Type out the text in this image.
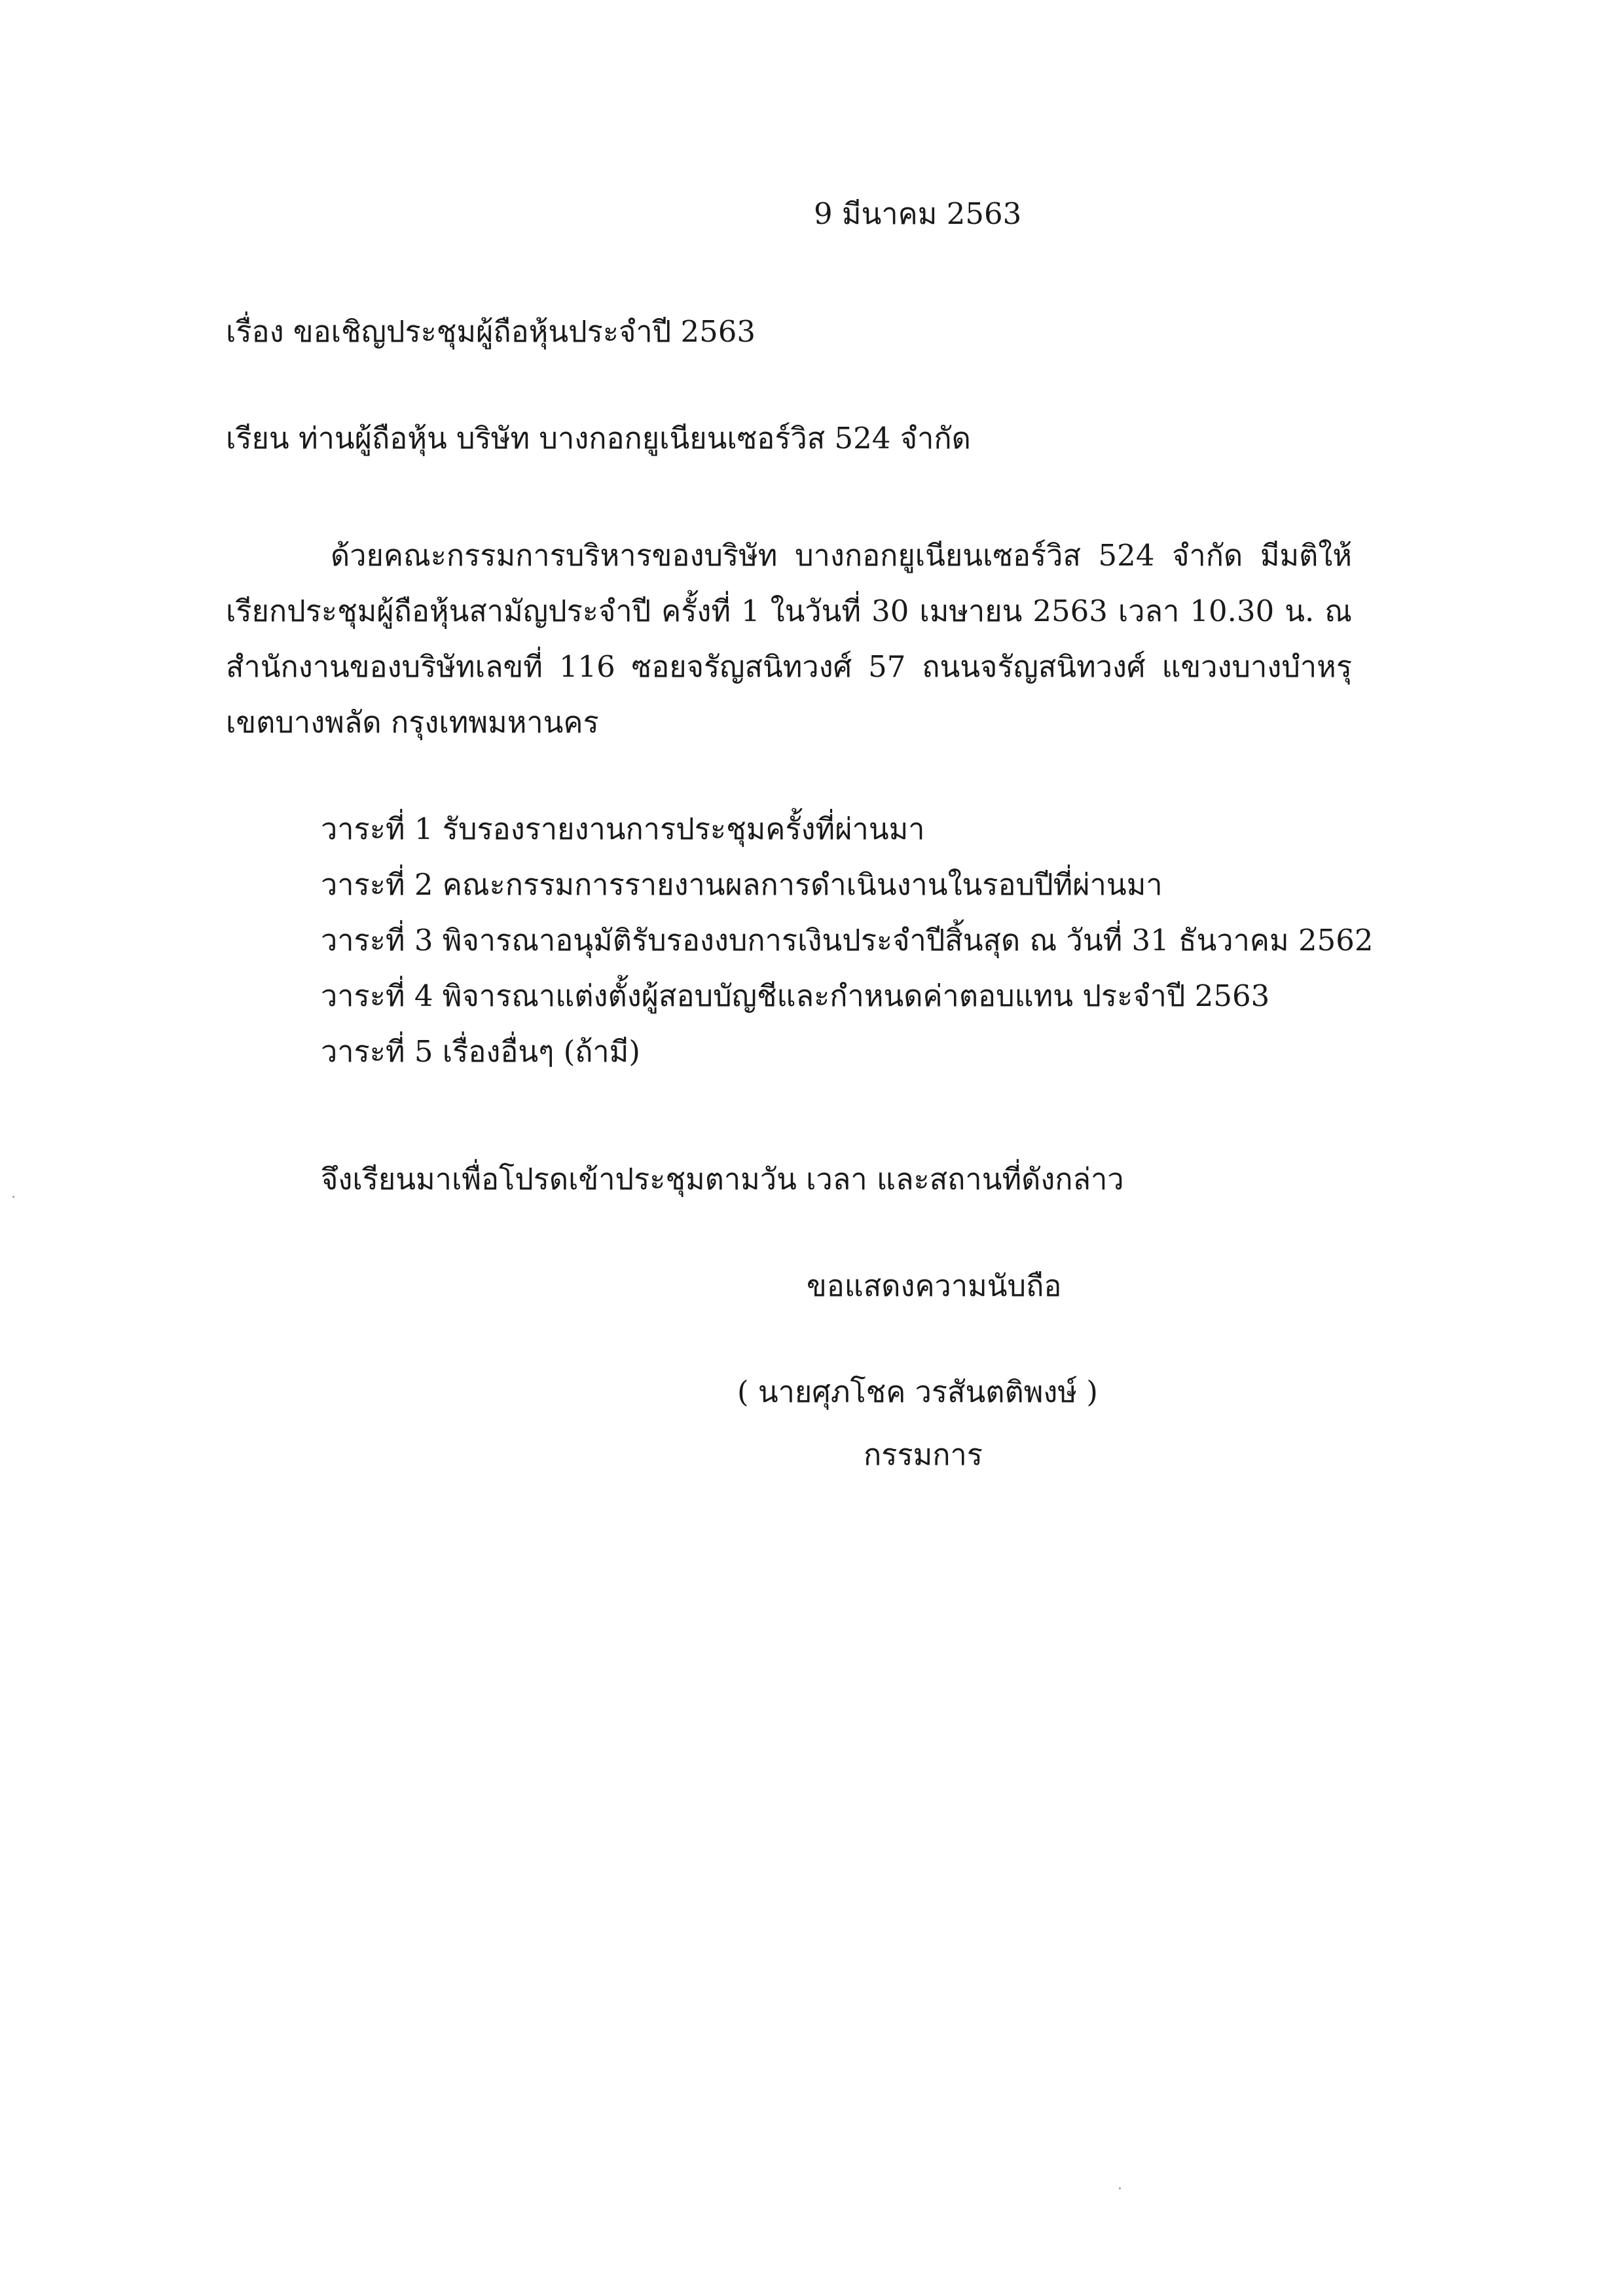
9 มีนาคม 2563

เรื่อง ขอเชิญประชุมผู้ถือหุ้นประจำปี 2563

เรียน ท่านผู้ถือหุ้น บริษัท บางกอกยูเนียนเซอร์วิส 524 จำกัด

ด้วยคณะกรรมการบริหารของบริษัท บางกอกยูเนียนเซอร์วิส 524 จำกัด มีมติให้เรียกประชุมผู้ถือหุ้นสามัญประจำปี ครั้งที่ 1 ในวันที่ 30 เมษายน 2563 เวลา 10.30 น. ณ สำนักงานของบริษัทเลขที่ 116 ซอยจรัญสนิทวงศ์ 57 ถนนจรัญสนิทวงศ์ แขวงบางบำหรุ เขตบางพลัด กรุงเทพมหานคร

วาระที่ 1 รับรองรายงานการประชุมครั้งที่ผ่านมา
วาระที่ 2 คณะกรรมการรายงานผลการดำเนินงานในรอบปีที่ผ่านมา
วาระที่ 3 พิจารณาอนุมัติรับรองงบการเงินประจำปีสิ้นสุด ณ วันที่ 31 ธันวาคม 2562
วาระที่ 4 พิจารณาแต่งตั้งผู้สอบบัญชีและกำหนดค่าตอบแทน ประจำปี 2563
วาระที่ 5 เรื่องอื่นๆ (ถ้ามี)

จึงเรียนมาเพื่อโปรดเข้าประชุมตามวัน เวลา และสถานที่ดังกล่าว

ขอแสดงความนับถือ

( นายศุภโชค วรสันตติพงษ์ )

กรรมการ
